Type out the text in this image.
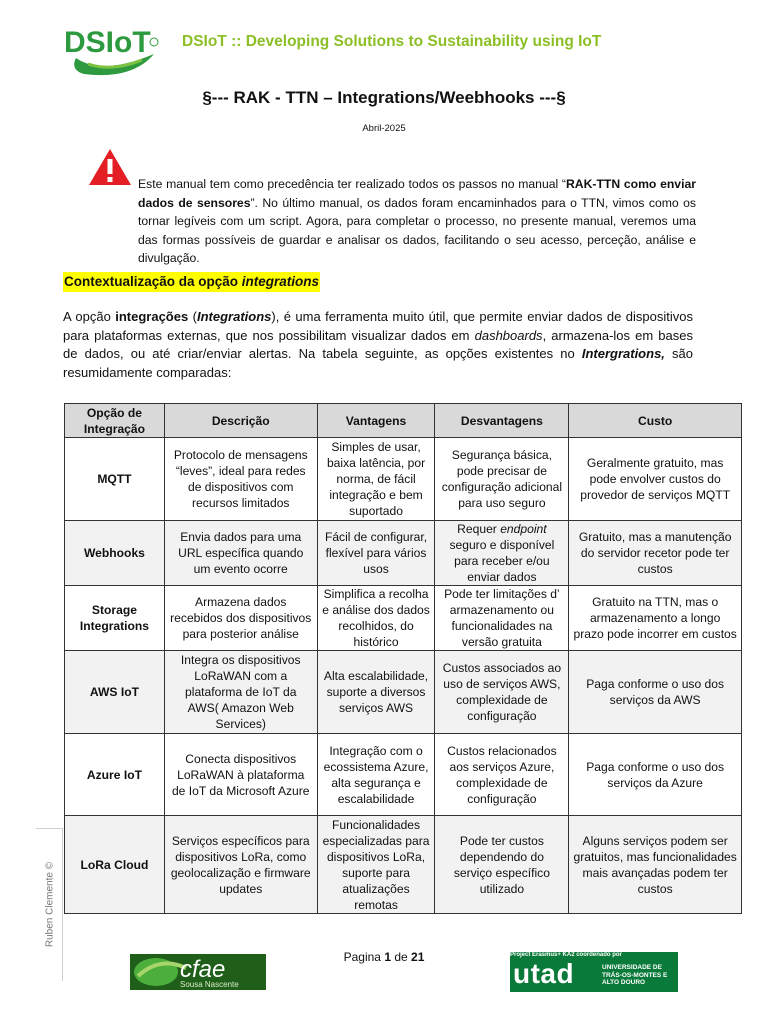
DSIoT DSIoT :: Developing Solutions to Sustainability using IoT
§--- RAK - TTN – Integrations/Weebhooks ---§
Abril-2025

Este manual tem como precedência ter realizado todos os passos no manual “RAK-TTN como enviar dados de sensores”. No último manual, os dados foram encaminhados para o TTN, vimos como os tornar legíveis com um script. Agora, para completar o processo, no presente manual, veremos uma das formas possíveis de guardar e analisar os dados, facilitando o seu acesso, perceção, análise e divulgação.

Contextualização da opção integrations

A opção integrações (Integrations), é uma ferramenta muito útil, que permite enviar dados de dispositivos para plataformas externas, que nos possibilitam visualizar dados em dashboards, armazena-los em bases de dados, ou até criar/enviar alertas. Na tabela seguinte, as opções existentes no Intergrations, são resumidamente comparadas:

Opção de Integração	Descrição	Vantagens	Desvantagens	Custo
MQTT	Protocolo de mensagens “leves”, ideal para redes de dispositivos com recursos limitados	Simples de usar, baixa latência, por norma, de fácil integração e bem suportado	Segurança básica, pode precisar de configuração adicional para uso seguro	Geralmente gratuito, mas pode envolver custos do provedor de serviços MQTT
Webhooks	Envia dados para uma URL específica quando um evento ocorre	Fácil de configurar, flexível para vários usos	Requer endpoint seguro e disponível para receber e/ou enviar dados	Gratuito, mas a manutenção do servidor recetor pode ter custos
Storage Integrations	Armazena dados recebidos dos dispositivos para posterior análise	Simplifica a recolha e análise dos dados recolhidos, do histórico	Pode ter limitações d’ armazenamento ou funcionalidades na versão gratuita	Gratuito na TTN, mas o armazenamento a longo prazo pode incorrer em custos
AWS IoT	Integra os dispositivos LoRaWAN com a plataforma de IoT da AWS( Amazon Web Services)	Alta escalabilidade, suporte a diversos serviços AWS	Custos associados ao uso de serviços AWS, complexidade de configuração	Paga conforme o uso dos serviços da AWS
Azure IoT	Conecta dispositivos LoRaWAN à plataforma de IoT da Microsoft Azure	Integração com o ecossistema Azure, alta segurança e escalabilidade	Custos relacionados aos serviços Azure, complexidade de configuração	Paga conforme o uso dos serviços da Azure
LoRa Cloud	Serviços específicos para dispositivos LoRa, como geolocalização e firmware updates	Funcionalidades especializadas para dispositivos LoRa, suporte para atualizações remotas	Pode ter custos dependendo do serviço específico utilizado	Alguns serviços podem ser gratuitos, mas funcionalidades mais avançadas podem ter custos
Ruben Clemente ©
Pagina 1 de 21
cfae
Sousa Nascente
Project Erasmus+ KA2 coordenado por
utad	UNIVERSIDADE DE TRÁS-OS-MONTES E ALTO DOURO
